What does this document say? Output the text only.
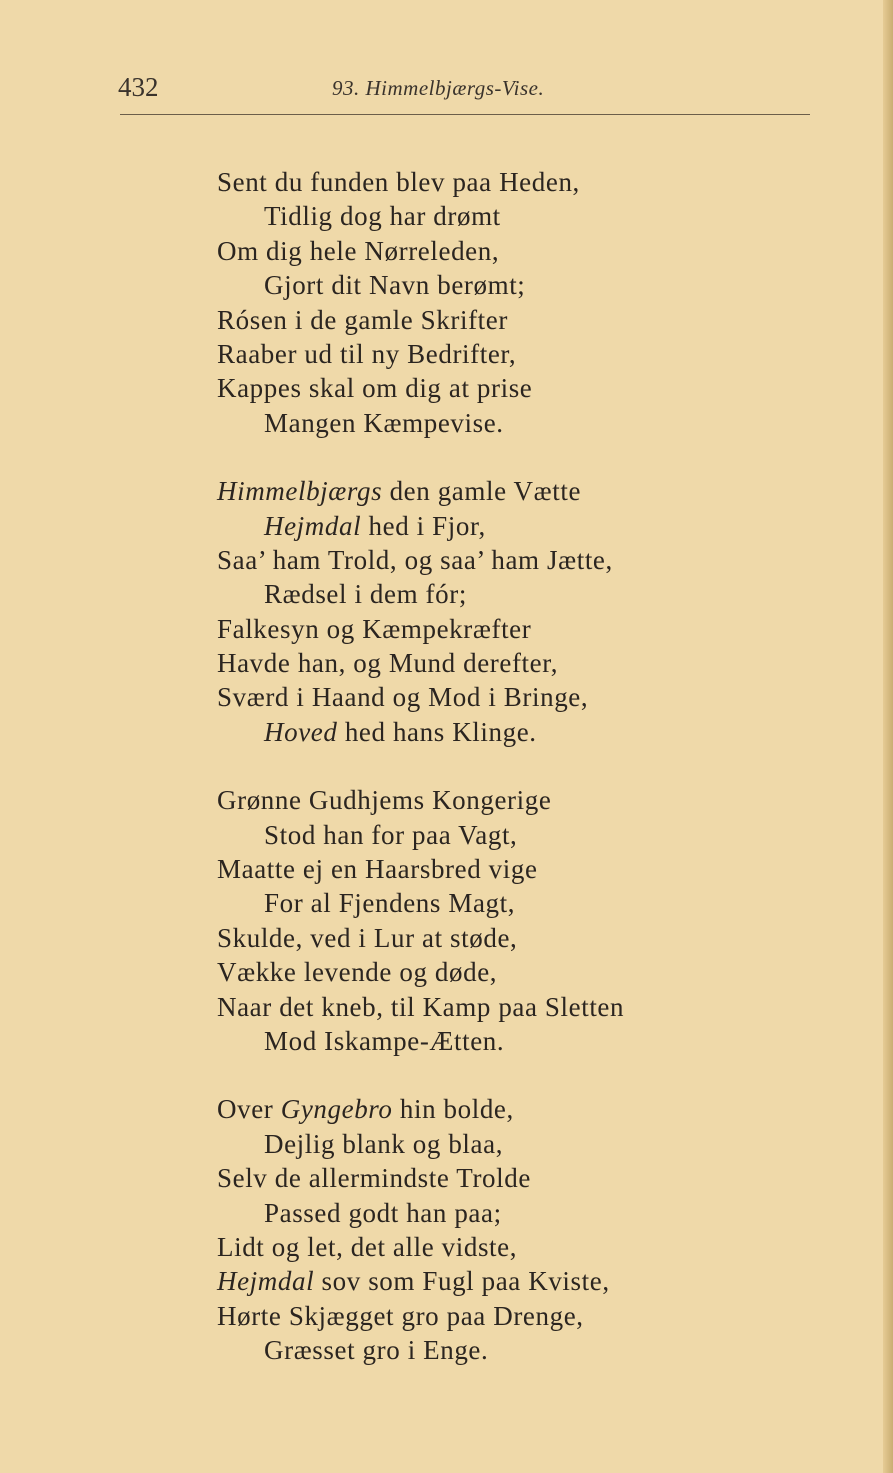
432	93. Himmelbjærgs-Vise.
Sent du funden blev paa Heden,
Tidlig dog har drømt
Om dig hele Nørreleden,
Gjort dit Navn berømt;
Rósen i de gamle Skrifter
Raaber ud til ny Bedrifter,
Kappes skal om dig at prise
Mangen Kæmpevise.
Himmelbjærgs den gamle Vætte
Hejmdal hed i Fjor,
Saa’ ham Trold, og saa’ ham Jætte,
Rædsel i dem fór;
Falkesyn og Kæmpekræfter
Havde han, og Mund derefter,
Sværd i Haand og Mod i Bringe,
Hoved hed hans Klinge.
Grønne Gudhjems Kongerige
Stod han for paa Vagt,
Maatte ej en Haarsbred vige
For al Fjendens Magt,
Skulde, ved i Lur at støde,
Vække levende og døde,
Naar det kneb, til Kamp paa Sletten
Mod Iskampe-Ætten.
Over Gyngebro hin bolde,
Dejlig blank og blaa,
Selv de allermindste Trolde
Passed godt han paa;
Lidt og let, det alle vidste,
Hejmdal sov som Fugl paa Kviste,
Hørte Skjægget gro paa Drenge,
Græsset gro i Enge.
